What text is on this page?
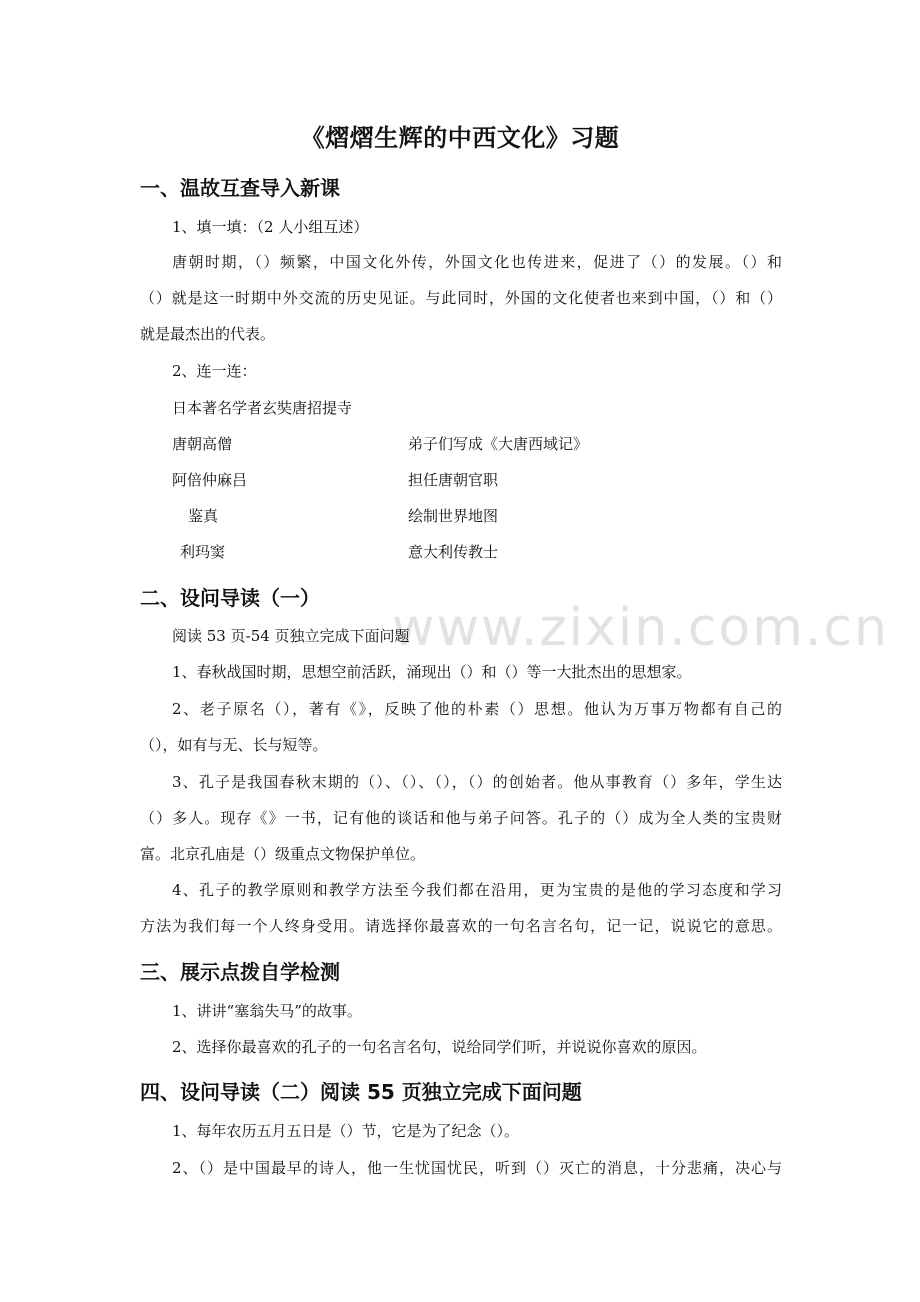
www.zixin.com.cn
《熠熠生辉的中西文化》习题
一、温故互查导入新课
1、填一填：（2 人小组互述）
唐朝时期，（）频繁，中国文化外传，外国文化也传进来，促进了（）的发展。（）和
（）就是这一时期中外交流的历史见证。与此同时，外国的文化使者也来到中国，（）和（）
就是最杰出的代表。
2、连一连：
日本著名学者玄奘唐招提寺
唐朝高僧	弟子们写成《大唐西域记》
阿倍仲麻吕	担任唐朝官职
鉴真	绘制世界地图
利玛窦	意大利传教士
二、设问导读（一）
阅读 53 页-54 页独立完成下面问题
1、春秋战国时期，思想空前活跃，涌现出（）和（）等一大批杰出的思想家。
2、老子原名（），著有《》，反映了他的朴素（）思想。他认为万事万物都有自己的
（），如有与无、长与短等。
3、孔子是我国春秋末期的（）、（）、（），（）的创始者。他从事教育（）多年，学生达
（）多人。现存《》一书，记有他的谈话和他与弟子问答。孔子的（）成为全人类的宝贵财
富。北京孔庙是（）级重点文物保护单位。
4、孔子的教学原则和教学方法至今我们都在沿用，更为宝贵的是他的学习态度和学习
方法为我们每一个人终身受用。请选择你最喜欢的一句名言名句，记一记，说说它的意思。
三、展示点拨自学检测
1、讲讲“塞翁失马”的故事。
2、选择你最喜欢的孔子的一句名言名句，说给同学们听，并说说你喜欢的原因。
四、设问导读（二）阅读 55 页独立完成下面问题
1、每年农历五月五日是（）节，它是为了纪念（）。
2、（）是中国最早的诗人，他一生忧国忧民，听到（）灭亡的消息，十分悲痛，决心与
